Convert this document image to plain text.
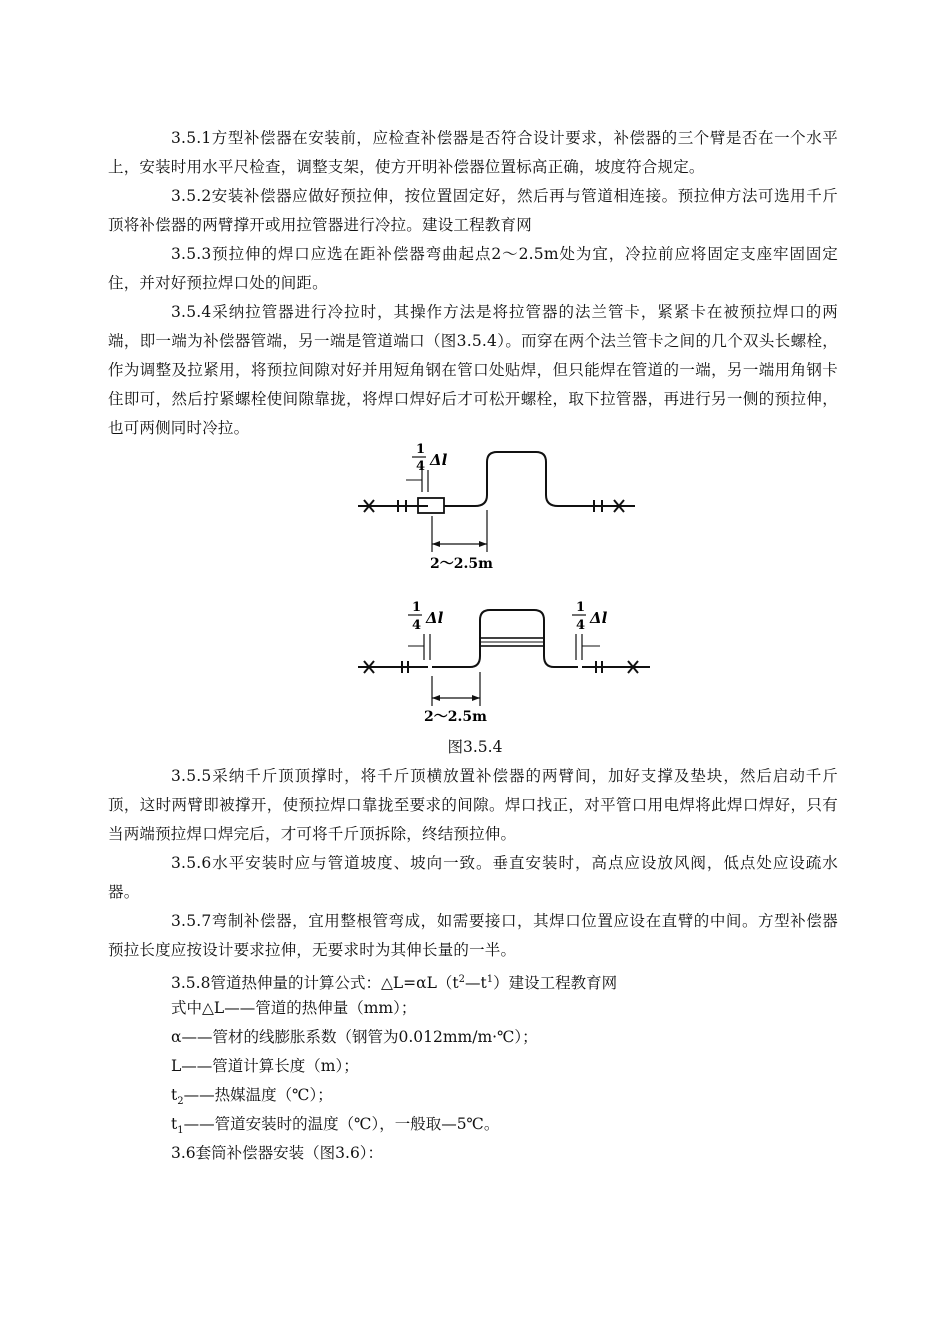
3.5.1方型补偿器在安装前，应检查补偿器是否符合设计要求，补偿器的三个臂是否在一个水平上，安装时用水平尺检查，调整支架，使方开明补偿器位置标高正确，坡度符合规定。
3.5.2安装补偿器应做好预拉伸，按位置固定好，然后再与管道相连接。预拉伸方法可选用千斤顶将补偿器的两臂撑开或用拉管器进行冷拉。建设工程教育网
3.5.3预拉伸的焊口应选在距补偿器弯曲起点2～2.5m处为宜，冷拉前应将固定支座牢固固定住，并对好预拉焊口处的间距。
3.5.4采纳拉管器进行冷拉时，其操作方法是将拉管器的法兰管卡，紧紧卡在被预拉焊口的两端，即一端为补偿器管端，另一端是管道端口（图3.5.4）。而穿在两个法兰管卡之间的几个双头长螺栓，作为调整及拉紧用，将预拉间隙对好并用短角钢在管口处贴焊，但只能焊在管道的一端，另一端用角钢卡住即可，然后拧紧螺栓使间隙靠拢，将焊口焊好后才可松开螺栓，取下拉管器，再进行另一侧的预拉伸，也可两侧同时冷拉。
1
4 Δl
2～2.5m
1
4 Δl
1
4 Δl
2～2.5m
图3.5.4
3.5.5采纳千斤顶顶撑时，将千斤顶横放置补偿器的两臂间，加好支撑及垫块，然后启动千斤顶，这时两臂即被撑开，使预拉焊口靠拢至要求的间隙。焊口找正，对平管口用电焊将此焊口焊好，只有当两端预拉焊口焊完后，才可将千斤顶拆除，终结预拉伸。
3.5.6水平安装时应与管道坡度、坡向一致。垂直安装时，高点应设放风阀，低点处应设疏水器。
3.5.7弯制补偿器，宜用整根管弯成，如需要接口，其焊口位置应设在直臂的中间。方型补偿器预拉长度应按设计要求拉伸，无要求时为其伸长量的一半。
3.5.8管道热伸量的计算公式：$\triangle L=\alpha L(t^2—t^1)$建设工程教育网
式中△L——管道的热伸量（mm）；
α——管材的线膨胀系数（钢管为0.012mm/m·℃）；
L——管道计算长度（m）；
$t_2——$热媒温度（℃）；
$t_1——$管道安装时的温度（℃），一般取—5℃。
3.6套筒补偿器安装（图3.6）：
